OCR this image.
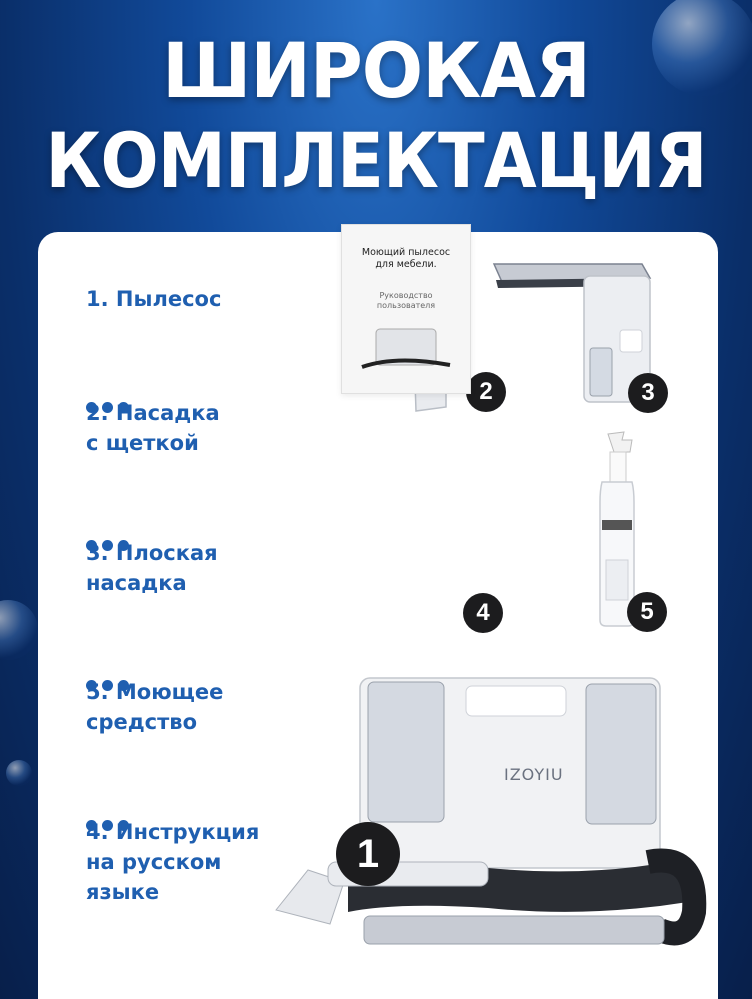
ШИРОКАЯ
КОМПЛЕКТАЦИЯ
1. Пылесос
2. Насадка
с щеткой
3. Плоская
насадка
5. Моющее
средство
4. Инструкция
на русском
языке
2	3
Моющий пылесос
для мебели.
Руководство
пользователя
4	5
IZOYIU
1
